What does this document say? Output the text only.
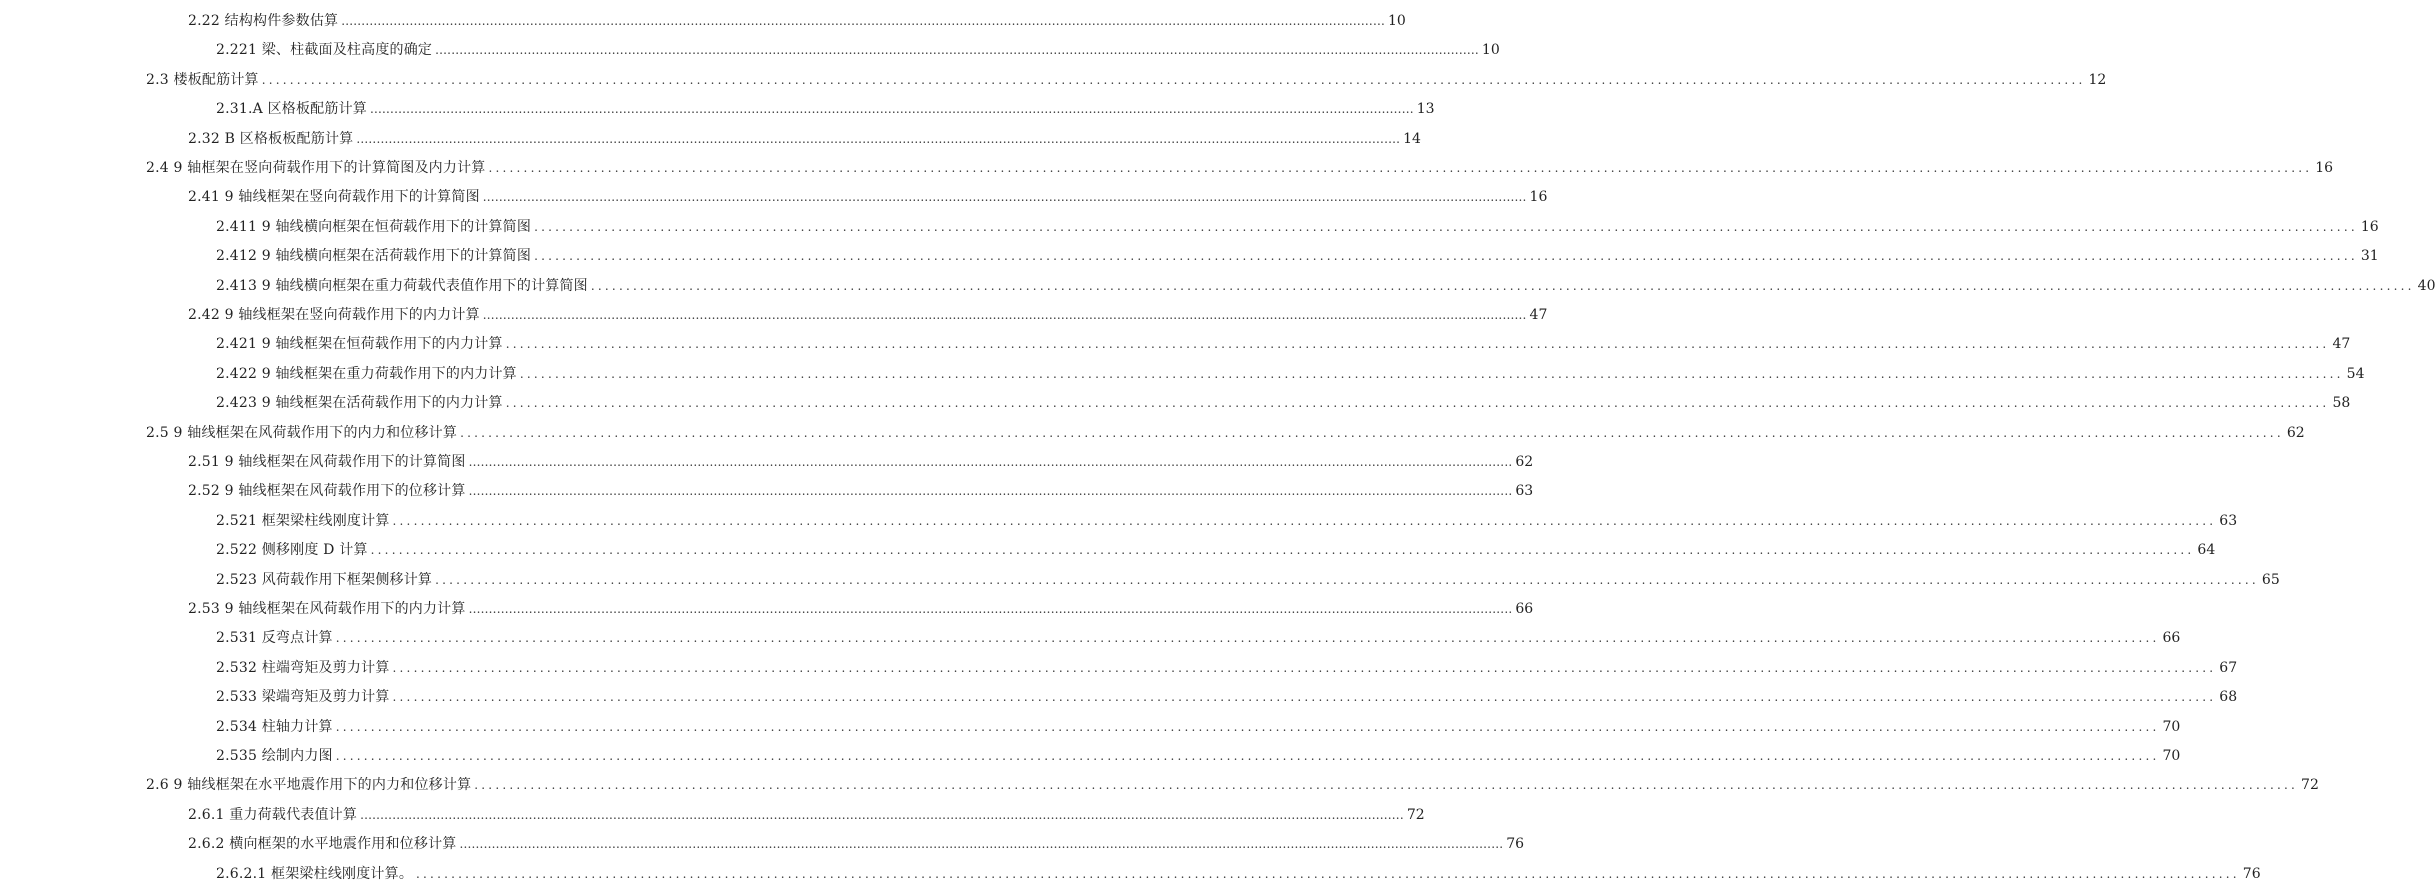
2.22 结构构件参数估算 .................................................................................................................................................................................................................................................................... 10
2.221 梁、柱截面及柱高度的确定 .................................................................................................................................................................................................................................................................... 10
2.3 楼板配筋计算 .................................................................................................................................................................................................................................................................... 12
2.31.A 区格板配筋计算 .................................................................................................................................................................................................................................................................... 13
2.32 B 区格板板配筋计算 .................................................................................................................................................................................................................................................................... 14
2.4 9 轴框架在竖向荷载作用下的计算简图及内力计算 .................................................................................................................................................................................................................................................................... 16
2.41 9 轴线框架在竖向荷载作用下的计算简图 .................................................................................................................................................................................................................................................................... 16
2.411 9 轴线横向框架在恒荷载作用下的计算简图 .................................................................................................................................................................................................................................................................... 16
2.412 9 轴线横向框架在活荷载作用下的计算简图 .................................................................................................................................................................................................................................................................... 31
2.413 9 轴线横向框架在重力荷载代表值作用下的计算简图 .................................................................................................................................................................................................................................................................... 40
2.42 9 轴线框架在竖向荷载作用下的内力计算 .................................................................................................................................................................................................................................................................... 47
2.421 9 轴线框架在恒荷载作用下的内力计算 .................................................................................................................................................................................................................................................................... 47
2.422 9 轴线框架在重力荷载作用下的内力计算 .................................................................................................................................................................................................................................................................... 54
2.423 9 轴线框架在活荷载作用下的内力计算 .................................................................................................................................................................................................................................................................... 58
2.5 9 轴线框架在风荷载作用下的内力和位移计算 .................................................................................................................................................................................................................................................................... 62
2.51 9 轴线框架在风荷载作用下的计算简图 .................................................................................................................................................................................................................................................................... 62
2.52 9 轴线框架在风荷载作用下的位移计算 .................................................................................................................................................................................................................................................................... 63
2.521 框架梁柱线刚度计算 .................................................................................................................................................................................................................................................................... 63
2.522 侧移刚度 D 计算 .................................................................................................................................................................................................................................................................... 64
2.523 风荷载作用下框架侧移计算 .................................................................................................................................................................................................................................................................... 65
2.53 9 轴线框架在风荷载作用下的内力计算 .................................................................................................................................................................................................................................................................... 66
2.531 反弯点计算 .................................................................................................................................................................................................................................................................... 66
2.532 柱端弯矩及剪力计算 .................................................................................................................................................................................................................................................................... 67
2.533 梁端弯矩及剪力计算 .................................................................................................................................................................................................................................................................... 68
2.534 柱轴力计算 .................................................................................................................................................................................................................................................................... 70
2.535 绘制内力图 .................................................................................................................................................................................................................................................................... 70
2.6 9 轴线框架在水平地震作用下的内力和位移计算 .................................................................................................................................................................................................................................................................... 72
2.6.1 重力荷载代表值计算 .................................................................................................................................................................................................................................................................... 72
2.6.2 横向框架的水平地震作用和位移计算 .................................................................................................................................................................................................................................................................... 76
2.6.2.1 框架梁柱线刚度计算。 .................................................................................................................................................................................................................................................................... 76
